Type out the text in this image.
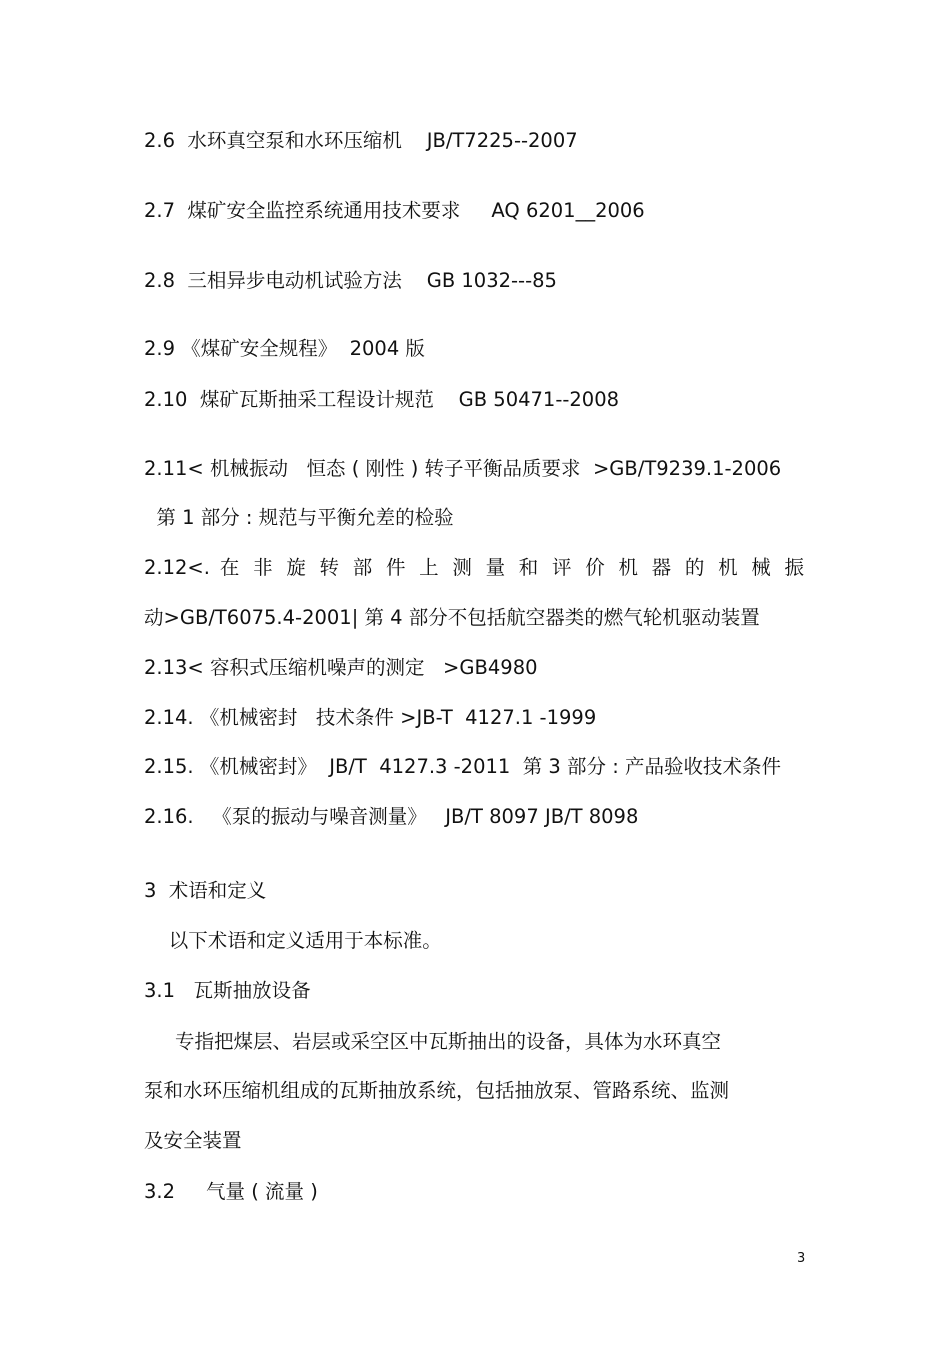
2.6  水环真空泵和水环压缩机    JB/T7225--2007
2.7  煤矿安全监控系统通用技术要求     AQ 6201__2006
2.8  三相异步电动机试验方法    GB 1032---85
2.9 《煤矿安全规程》  2004 版
2.10  煤矿瓦斯抽采工程设计规范    GB 50471--2008
2.11< 机械振动   恒态 ( 刚性 ) 转子平衡品质要求  >GB/T9239.1-2006
第 1 部分 : 规范与平衡允差的检验
2.12<. 在 非 旋 转 部 件 上 测 量 和 评 价 机 器 的 机 械 振
动>GB/T6075.4-2001| 第 4 部分不包括航空器类的燃气轮机驱动装置
2.13< 容积式压缩机噪声的测定   >GB4980
2.14. 《机械密封   技术条件 >JB-T  4127.1 -1999
2.15. 《机械密封》  JB/T  4127.3 -2011  第 3 部分 : 产品验收技术条件
2.16.   《泵的振动与噪音测量》   JB/T 8097 JB/T 8098
3  术语和定义
以下术语和定义适用于本标准。
3.1   瓦斯抽放设备
专指把煤层、岩层或采空区中瓦斯抽出的设备，具体为水环真空
泵和水环压缩机组成的瓦斯抽放系统，包括抽放泵、管路系统、监测
及安全装置
3.2     气量 ( 流量 )
3
